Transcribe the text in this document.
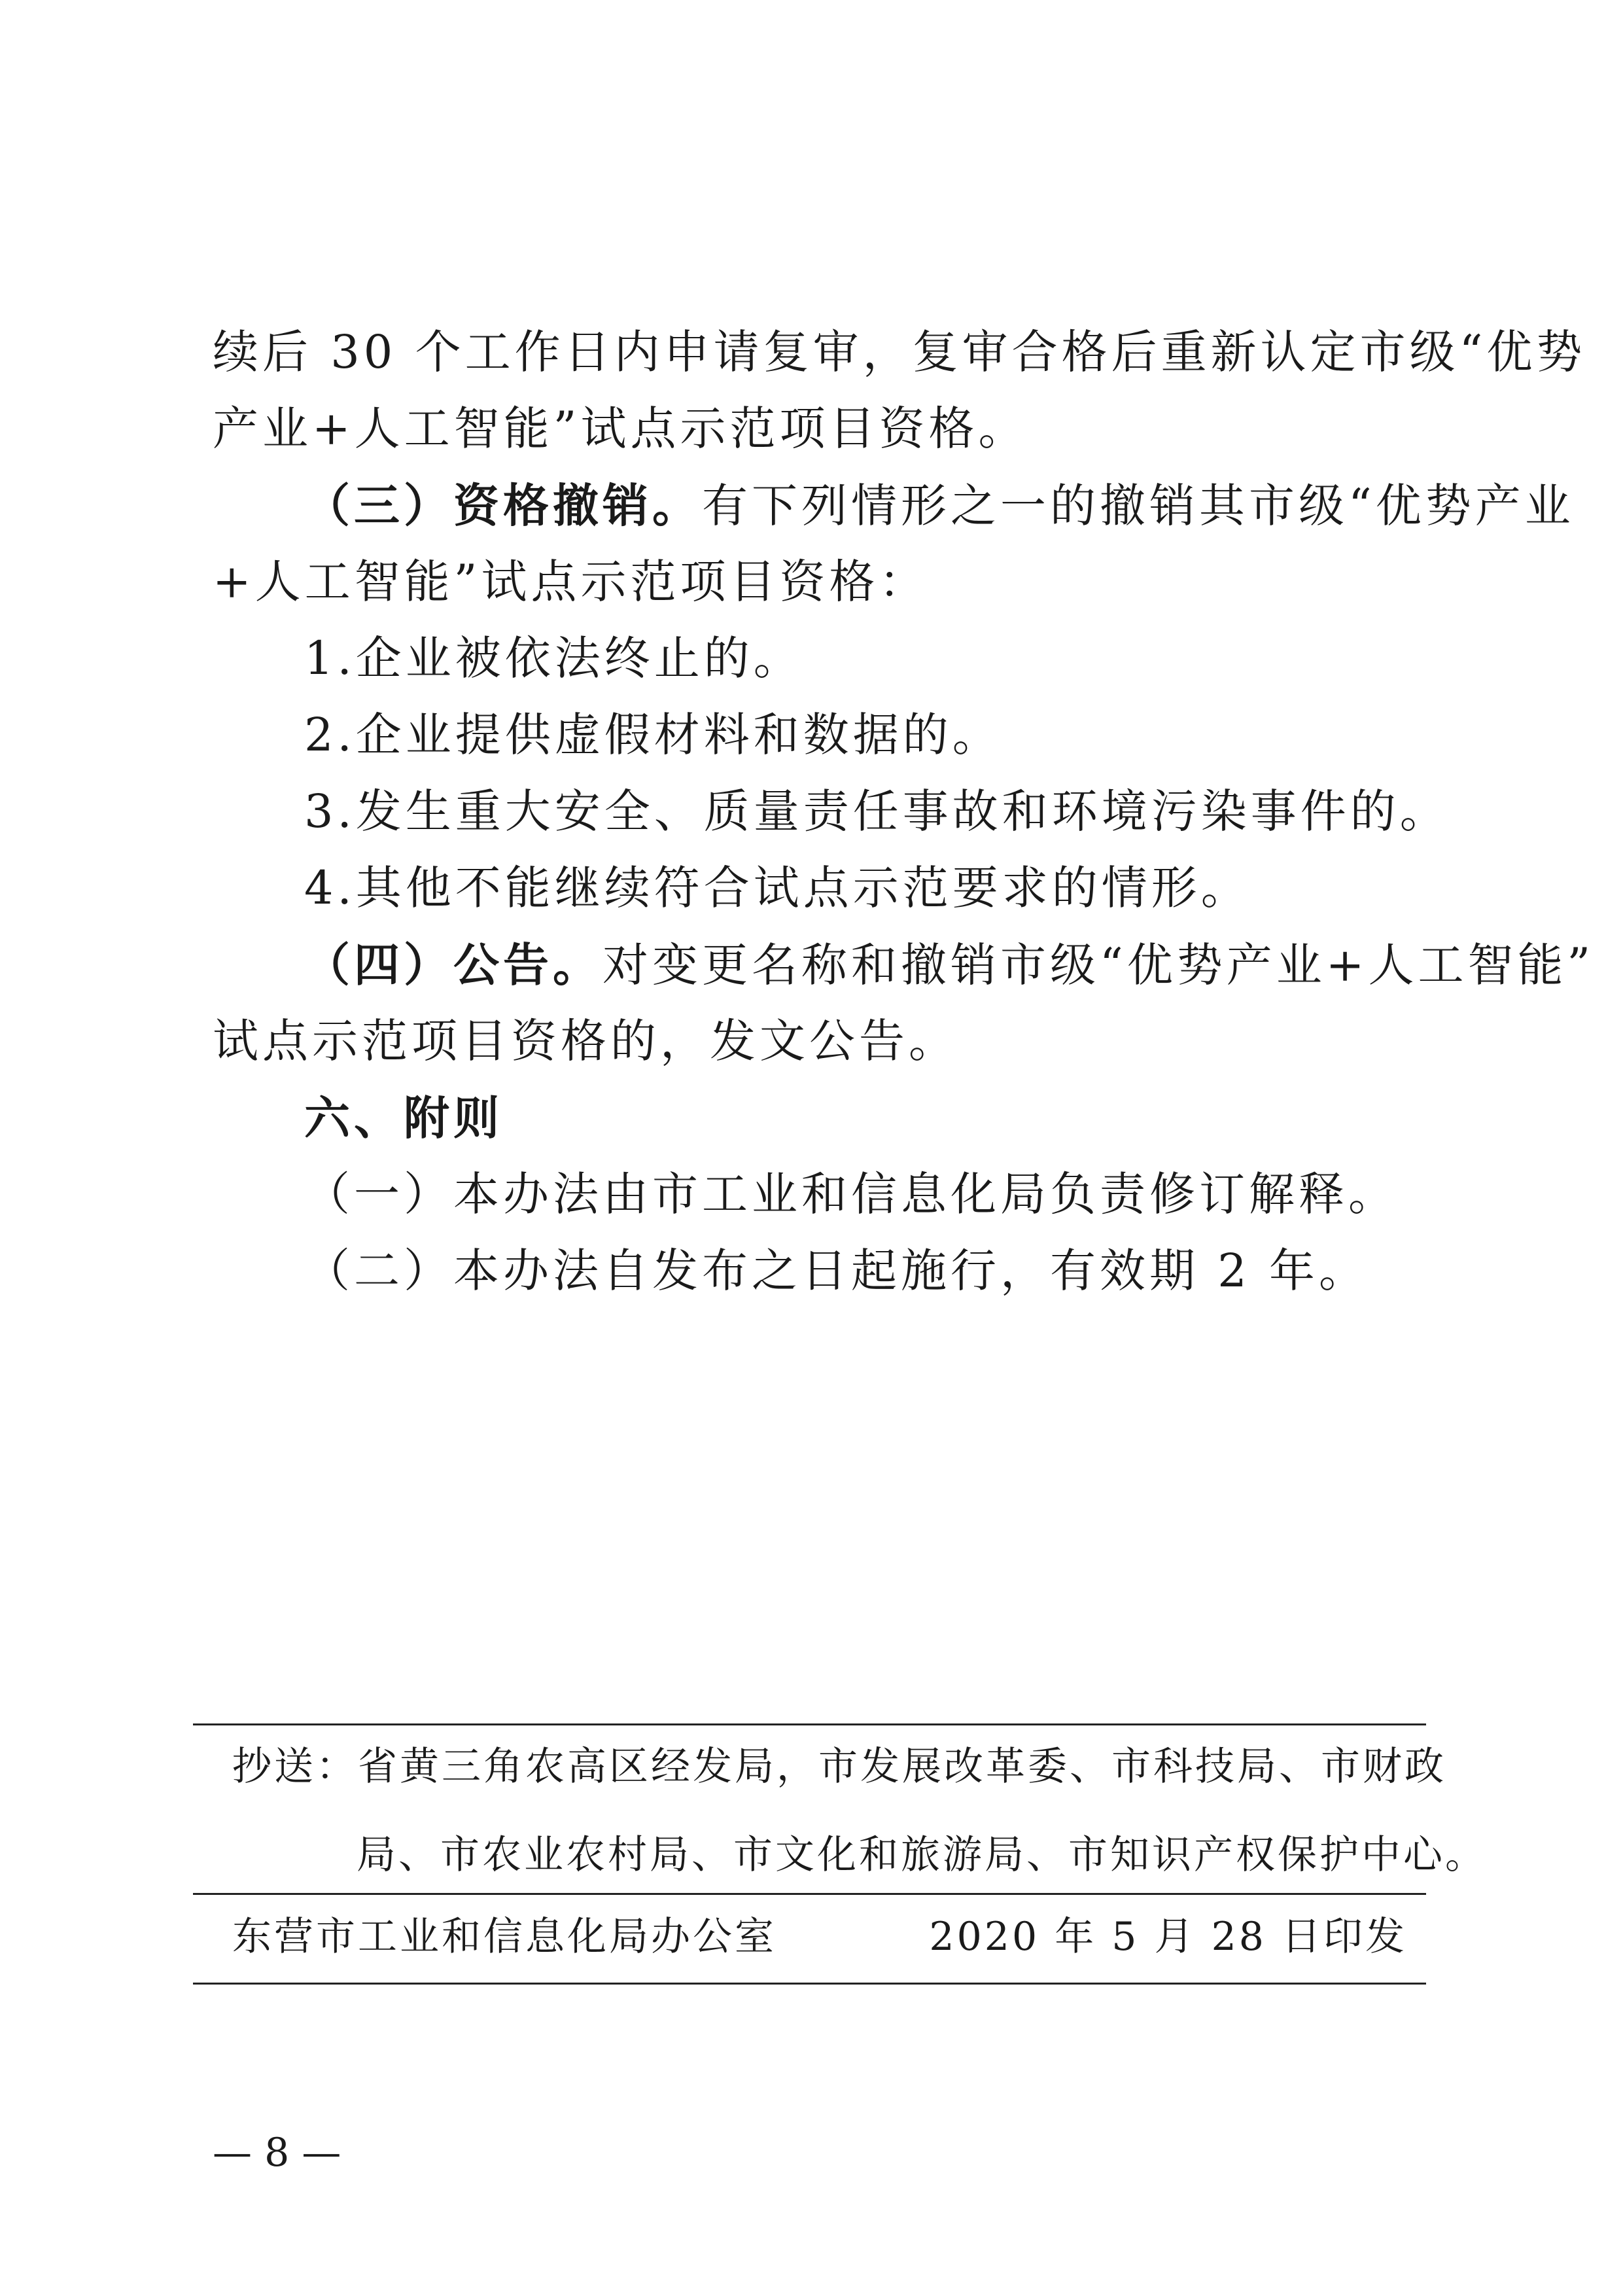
续后 30 个工作日内申请复审，复审合格后重新认定市级“优势
产业+人工智能”试点示范项目资格。
（三）资格撤销。有下列情形之一的撤销其市级“优势产业
+人工智能”试点示范项目资格：
1.企业被依法终止的。
2.企业提供虚假材料和数据的。
3.发生重大安全、质量责任事故和环境污染事件的。
4.其他不能继续符合试点示范要求的情形。
（四）公告。对变更名称和撤销市级“优势产业+人工智能”
试点示范项目资格的，发文公告。
六、附则
（一）本办法由市工业和信息化局负责修订解释。
（二）本办法自发布之日起施行，有效期 2 年。
抄送：省黄三角农高区经发局，市发展改革委、市科技局、市财政
局、市农业农村局、市文化和旅游局、市知识产权保护中心。
东营市工业和信息化局办公室	2020 年 5 月 28 日印发
— 8 —
